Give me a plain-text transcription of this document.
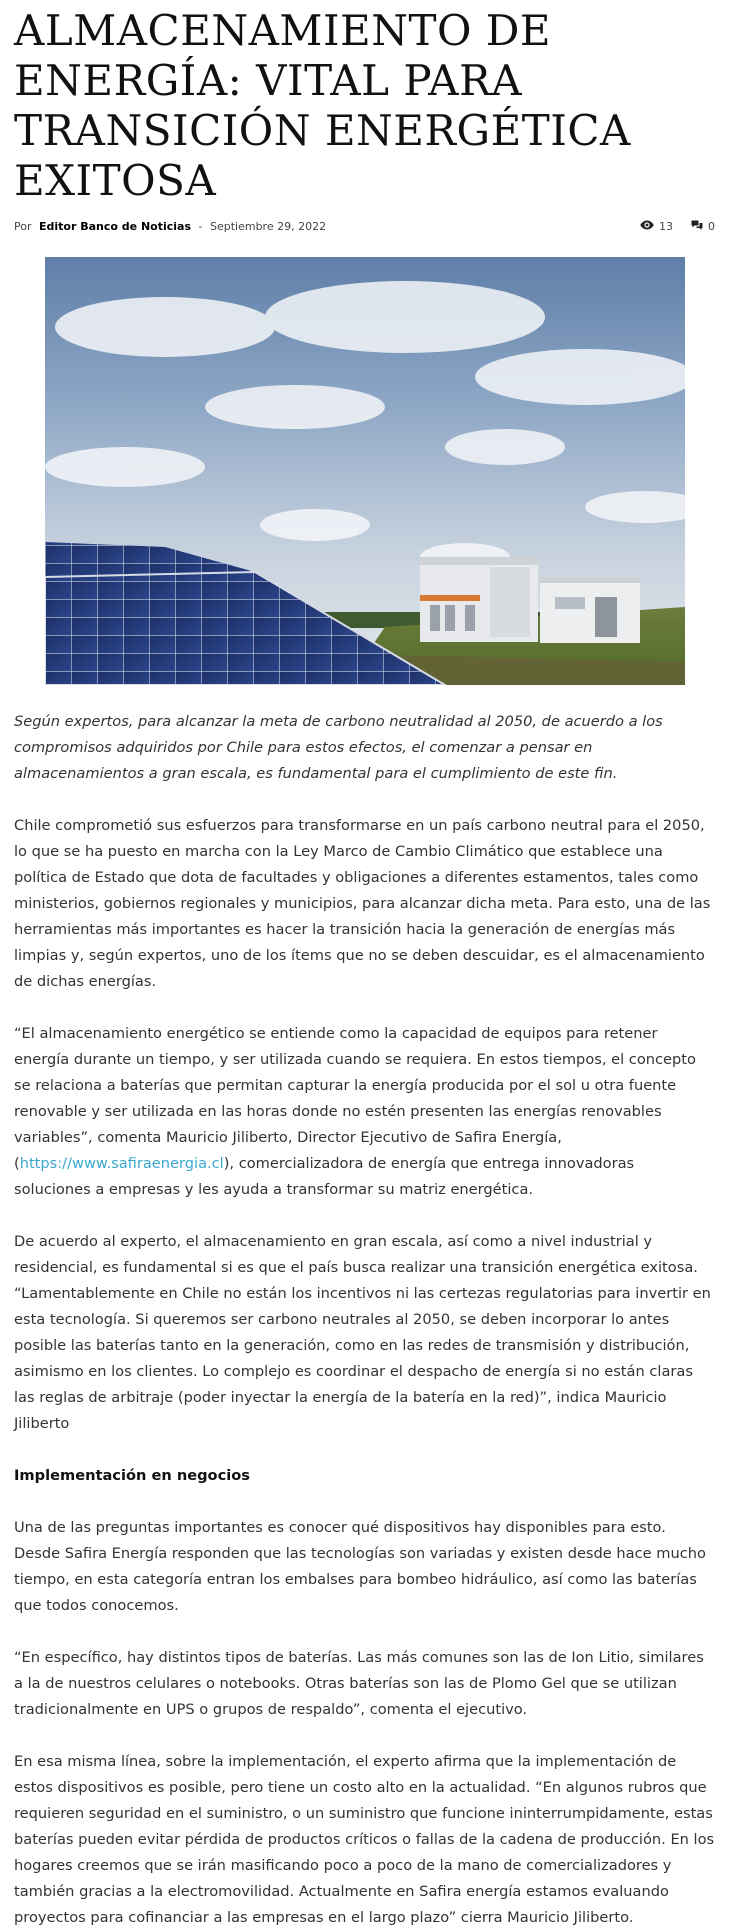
ALMACENAMIENTO DE ENERGÍA: VITAL PARA TRANSICIÓN ENERGÉTICA EXITOSA
Por Editor Banco de Noticias - Septiembre 29, 2022	13	0

Según expertos, para alcanzar la meta de carbono neutralidad al 2050, de acuerdo a los compromisos adquiridos por Chile para estos efectos, el comenzar a pensar en almacenamientos a gran escala, es fundamental para el cumplimiento de este fin.

Chile comprometió sus esfuerzos para transformarse en un país carbono neutral para el 2050, lo que se ha puesto en marcha con la Ley Marco de Cambio Climático que establece una política de Estado que dota de facultades y obligaciones a diferentes estamentos, tales como ministerios, gobiernos regionales y municipios, para alcanzar dicha meta. Para esto, una de las herramientas más importantes es hacer la transición hacia la generación de energías más limpias y, según expertos, uno de los ítems que no se deben descuidar, es el almacenamiento de dichas energías.

“El almacenamiento energético se entiende como la capacidad de equipos para retener energía durante un tiempo, y ser utilizada cuando se requiera. En estos tiempos, el concepto se relaciona a baterías que permitan capturar la energía producida por el sol u otra fuente renovable y ser utilizada en las horas donde no estén presenten las energías renovables variables”, comenta Mauricio Jiliberto, Director Ejecutivo de Safira Energía, (https://www.safiraenergia.cl), comercializadora de energía que entrega innovadoras soluciones a empresas y les ayuda a transformar su matriz energética.

De acuerdo al experto, el almacenamiento en gran escala, así como a nivel industrial y residencial, es fundamental si es que el país busca realizar una transición energética exitosa. “Lamentablemente en Chile no están los incentivos ni las certezas regulatorias para invertir en esta tecnología. Si queremos ser carbono neutrales al 2050, se deben incorporar lo antes posible las baterías tanto en la generación, como en las redes de transmisión y distribución, asimismo en los clientes. Lo complejo es coordinar el despacho de energía si no están claras las reglas de arbitraje (poder inyectar la energía de la batería en la red)”, indica Mauricio Jiliberto

Implementación en negocios

Una de las preguntas importantes es conocer qué dispositivos hay disponibles para esto. Desde Safira Energía responden que las tecnologías son variadas y existen desde hace mucho tiempo, en esta categoría entran los embalses para bombeo hidráulico, así como las baterías que todos conocemos.

“En específico, hay distintos tipos de baterías. Las más comunes son las de Ion Litio, similares a la de nuestros celulares o notebooks. Otras baterías son las de Plomo Gel que se utilizan tradicionalmente en UPS o grupos de respaldo”, comenta el ejecutivo.

En esa misma línea, sobre la implementación, el experto afirma que la implementación de estos dispositivos es posible, pero tiene un costo alto en la actualidad. “En algunos rubros que requieren seguridad en el suministro, o un suministro que funcione ininterrumpidamente, estas baterías pueden evitar pérdida de productos críticos o fallas de la cadena de producción. En los hogares creemos que se irán masificando poco a poco de la mano de comercializadores y también gracias a la electromovilidad. Actualmente en Safira energía estamos evaluando proyectos para cofinanciar a las empresas en el largo plazo” cierra Mauricio Jiliberto.
